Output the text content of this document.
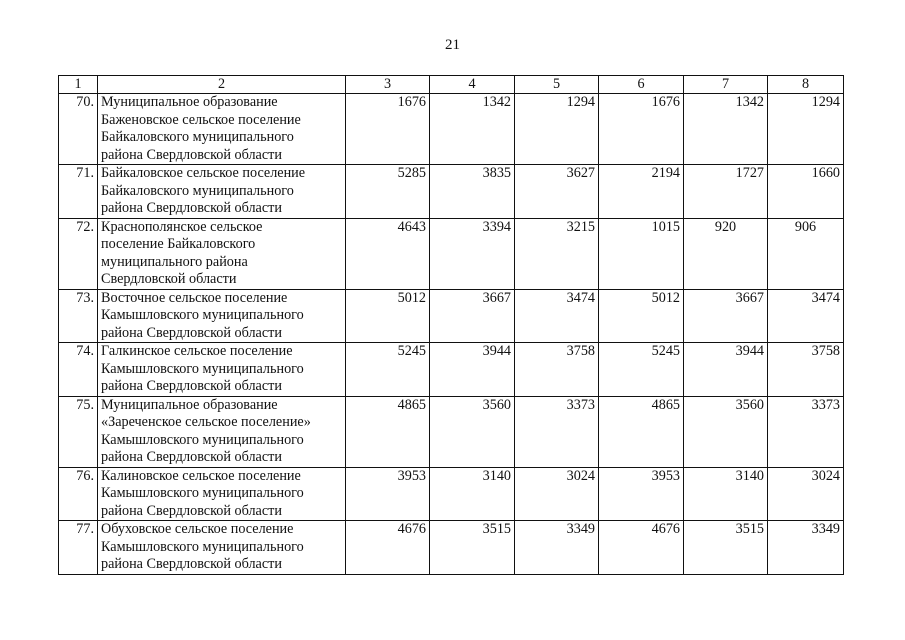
21
1	2	3	4	5	6	7	8
70.	Муниципальное образование
Баженовское сельское поселение
Байкаловского муниципального
района Свердловской области	1676	1342	1294	1676	1342	1294
71.	Байкаловское сельское поселение
Байкаловского муниципального
района Свердловской области	5285	3835	3627	2194	1727	1660
72.	Краснополянское сельское
поселение Байкаловского
муниципального района
Свердловской области	4643	3394	3215	1015	920	906
73.	Восточное сельское поселение
Камышловского муниципального
района Свердловской области	5012	3667	3474	5012	3667	3474
74.	Галкинское сельское поселение
Камышловского муниципального
района Свердловской области	5245	3944	3758	5245	3944	3758
75.	Муниципальное образование
«Зареченское сельское поселение»
Камышловского муниципального
района Свердловской области	4865	3560	3373	4865	3560	3373
76.	Калиновское сельское поселение
Камышловского муниципального
района Свердловской области	3953	3140	3024	3953	3140	3024
77.	Обуховское сельское поселение
Камышловского муниципального
района Свердловской области	4676	3515	3349	4676	3515	3349
